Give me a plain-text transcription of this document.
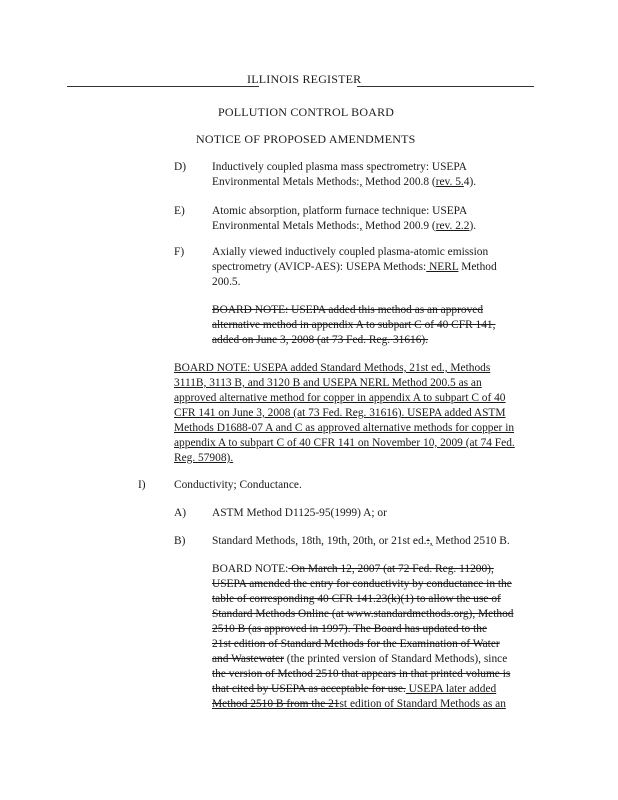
ILLINOIS REGISTER
POLLUTION CONTROL BOARD
NOTICE OF PROPOSED AMENDMENTS
D) Inductively coupled plasma mass spectrometry: USEPA
Environmental Metals Methods:, Method 200.8 (rev. 5.4).
E) Atomic absorption, platform furnace technique: USEPA
Environmental Metals Methods:, Method 200.9 (rev. 2.2).
F) Axially viewed inductively coupled plasma-atomic emission
spectrometry (AVICP-AES): USEPA Methods: NERL Method
200.5.
BOARD NOTE: USEPA added this method as an approved
alternative method in appendix A to subpart C of 40 CFR 141,
added on June 3, 2008 (at 73 Fed. Reg. 31616).
BOARD NOTE: USEPA added Standard Methods, 21st ed., Methods
3111B, 3113 B, and 3120 B and USEPA NERL Method 200.5 as an
approved alternative method for copper in appendix A to subpart C of 40
CFR 141 on June 3, 2008 (at 73 Fed. Reg. 31616). USEPA added ASTM
Methods D1688-07 A and C as approved alternative methods for copper in
appendix A to subpart C of 40 CFR 141 on November 10, 2009 (at 74 Fed.
Reg. 57908).
I) Conductivity; Conductance.
A) ASTM Method D1125-95(1999) A; or
B) Standard Methods, 18th, 19th, 20th, or 21st ed.:, Method 2510 B.
BOARD NOTE: On March 12, 2007 (at 72 Fed. Reg. 11200),
USEPA amended the entry for conductivity by conductance in the
table of corresponding 40 CFR 141.23(k)(1) to allow the use of
Standard Methods Online (at www.standardmethods.org), Method
2510 B (as approved in 1997). The Board has updated to the
21st edition of Standard Methods for the Examination of Water
and Wastewater (the printed version of Standard Methods), since
the version of Method 2510 that appears in that printed volume is
that cited by USEPA as acceptable for use. USEPA later added
Method 2510 B from the 21st edition of Standard Methods as an
